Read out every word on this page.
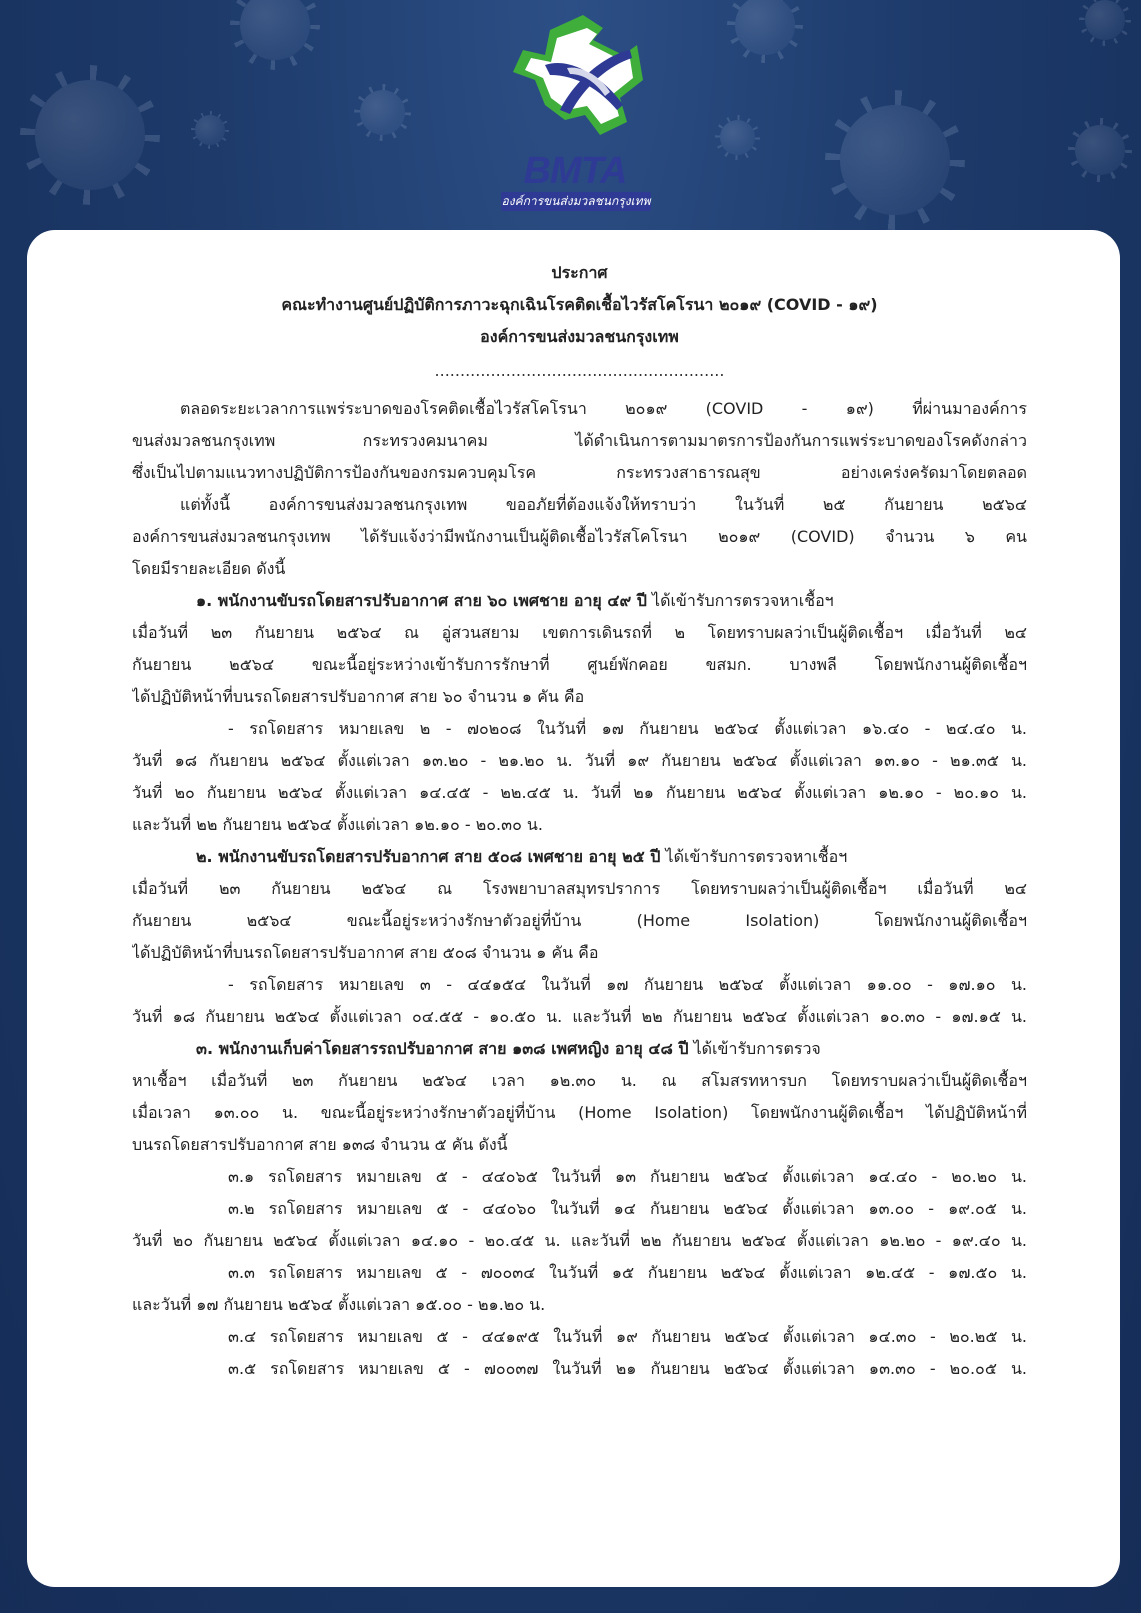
BMTA
องค์การขนส่งมวลชนกรุงเทพ
ประกาศ
คณะทำงานศูนย์ปฏิบัติการภาวะฉุกเฉินโรคติดเชื้อไวรัสโคโรนา ๒๐๑๙ (COVID - ๑๙)
องค์การขนส่งมวลชนกรุงเทพ
.........................................................
ตลอดระยะเวลาการแพร่ระบาดของโรคติดเชื้อไวรัสโคโรนา ๒๐๑๙ (COVID - ๑๙) ที่ผ่านมาองค์การ
ขนส่งมวลชนกรุงเทพ กระทรวงคมนาคม ได้ดำเนินการตามมาตรการป้องกันการแพร่ระบาดของโรคดังกล่าว
ซึ่งเป็นไปตามแนวทางปฏิบัติการป้องกันของกรมควบคุมโรค กระทรวงสาธารณสุข อย่างเคร่งครัดมาโดยตลอด
แต่ทั้งนี้ องค์การขนส่งมวลชนกรุงเทพ ขออภัยที่ต้องแจ้งให้ทราบว่า ในวันที่ ๒๕ กันยายน ๒๕๖๔
องค์การขนส่งมวลชนกรุงเทพ ได้รับแจ้งว่ามีพนักงานเป็นผู้ติดเชื้อไวรัสโคโรนา ๒๐๑๙ (COVID) จำนวน ๖ คน
โดยมีรายละเอียด ดังนี้
๑. พนักงานขับรถโดยสารปรับอากาศ สาย ๖๐ เพศชาย อายุ ๔๙ ปี ได้เข้ารับการตรวจหาเชื้อฯ
เมื่อวันที่ ๒๓ กันยายน ๒๕๖๔ ณ อู่สวนสยาม เขตการเดินรถที่ ๒ โดยทราบผลว่าเป็นผู้ติดเชื้อฯ เมื่อวันที่ ๒๔
กันยายน ๒๕๖๔ ขณะนี้อยู่ระหว่างเข้ารับการรักษาที่ ศูนย์พักคอย ขสมก. บางพลี โดยพนักงานผู้ติดเชื้อฯ
ได้ปฏิบัติหน้าที่บนรถโดยสารปรับอากาศ สาย ๖๐ จำนวน ๑ คัน คือ
- รถโดยสาร หมายเลข ๒ - ๗๐๒๐๘ ในวันที่ ๑๗ กันยายน ๒๕๖๔ ตั้งแต่เวลา ๑๖.๔๐ - ๒๔.๔๐ น.
วันที่ ๑๘ กันยายน ๒๕๖๔ ตั้งแต่เวลา ๑๓.๒๐ - ๒๑.๒๐ น. วันที่ ๑๙ กันยายน ๒๕๖๔ ตั้งแต่เวลา ๑๓.๑๐ - ๒๑.๓๕ น.
วันที่ ๒๐ กันยายน ๒๕๖๔ ตั้งแต่เวลา ๑๔.๔๕ - ๒๒.๔๕ น. วันที่ ๒๑ กันยายน ๒๕๖๔ ตั้งแต่เวลา ๑๒.๑๐ - ๒๐.๑๐ น.
และวันที่ ๒๒ กันยายน ๒๕๖๔ ตั้งแต่เวลา ๑๒.๑๐ - ๒๐.๓๐ น.
๒. พนักงานขับรถโดยสารปรับอากาศ สาย ๕๐๘ เพศชาย อายุ ๒๕ ปี ได้เข้ารับการตรวจหาเชื้อฯ
เมื่อวันที่ ๒๓ กันยายน ๒๕๖๔ ณ โรงพยาบาลสมุทรปราการ โดยทราบผลว่าเป็นผู้ติดเชื้อฯ เมื่อวันที่ ๒๔
กันยายน ๒๕๖๔ ขณะนี้อยู่ระหว่างรักษาตัวอยู่ที่บ้าน (Home Isolation) โดยพนักงานผู้ติดเชื้อฯ
ได้ปฏิบัติหน้าที่บนรถโดยสารปรับอากาศ สาย ๕๐๘ จำนวน ๑ คัน คือ
- รถโดยสาร หมายเลข ๓ - ๔๔๑๕๔ ในวันที่ ๑๗ กันยายน ๒๕๖๔ ตั้งแต่เวลา ๑๑.๐๐ - ๑๗.๑๐ น.
วันที่ ๑๘ กันยายน ๒๕๖๔ ตั้งแต่เวลา ๐๔.๕๕ - ๑๐.๕๐ น. และวันที่ ๒๒ กันยายน ๒๕๖๔ ตั้งแต่เวลา ๑๐.๓๐ - ๑๗.๑๕ น.
๓. พนักงานเก็บค่าโดยสารรถปรับอากาศ สาย ๑๓๘ เพศหญิง อายุ ๔๘ ปี ได้เข้ารับการตรวจ
หาเชื้อฯ เมื่อวันที่ ๒๓ กันยายน ๒๕๖๔ เวลา ๑๒.๓๐ น. ณ สโมสรทหารบก โดยทราบผลว่าเป็นผู้ติดเชื้อฯ
เมื่อเวลา ๑๓.๐๐ น. ขณะนี้อยู่ระหว่างรักษาตัวอยู่ที่บ้าน (Home Isolation) โดยพนักงานผู้ติดเชื้อฯ ได้ปฏิบัติหน้าที่
บนรถโดยสารปรับอากาศ สาย ๑๓๘ จำนวน ๕ คัน ดังนี้
๓.๑ รถโดยสาร หมายเลข ๕ - ๔๔๐๖๕ ในวันที่ ๑๓ กันยายน ๒๕๖๔ ตั้งแต่เวลา ๑๔.๔๐ - ๒๐.๒๐ น.
๓.๒ รถโดยสาร หมายเลข ๕ - ๔๔๐๖๐ ในวันที่ ๑๔ กันยายน ๒๕๖๔ ตั้งแต่เวลา ๑๓.๐๐ - ๑๙.๐๕ น.
วันที่ ๒๐ กันยายน ๒๕๖๔ ตั้งแต่เวลา ๑๔.๑๐ - ๒๐.๔๕ น. และวันที่ ๒๒ กันยายน ๒๕๖๔ ตั้งแต่เวลา ๑๒.๒๐ - ๑๙.๔๐ น.
๓.๓ รถโดยสาร หมายเลข ๕ - ๗๐๐๓๔ ในวันที่ ๑๕ กันยายน ๒๕๖๔ ตั้งแต่เวลา ๑๒.๔๕ - ๑๗.๕๐ น.
และวันที่ ๑๗ กันยายน ๒๕๖๔ ตั้งแต่เวลา ๑๕.๐๐ - ๒๑.๒๐ น.
๓.๔ รถโดยสาร หมายเลข ๕ - ๔๔๑๙๕ ในวันที่ ๑๙ กันยายน ๒๕๖๔ ตั้งแต่เวลา ๑๔.๓๐ - ๒๐.๒๕ น.
๓.๕ รถโดยสาร หมายเลข ๕ - ๗๐๐๓๗ ในวันที่ ๒๑ กันยายน ๒๕๖๔ ตั้งแต่เวลา ๑๓.๓๐ - ๒๐.๐๕ น.
